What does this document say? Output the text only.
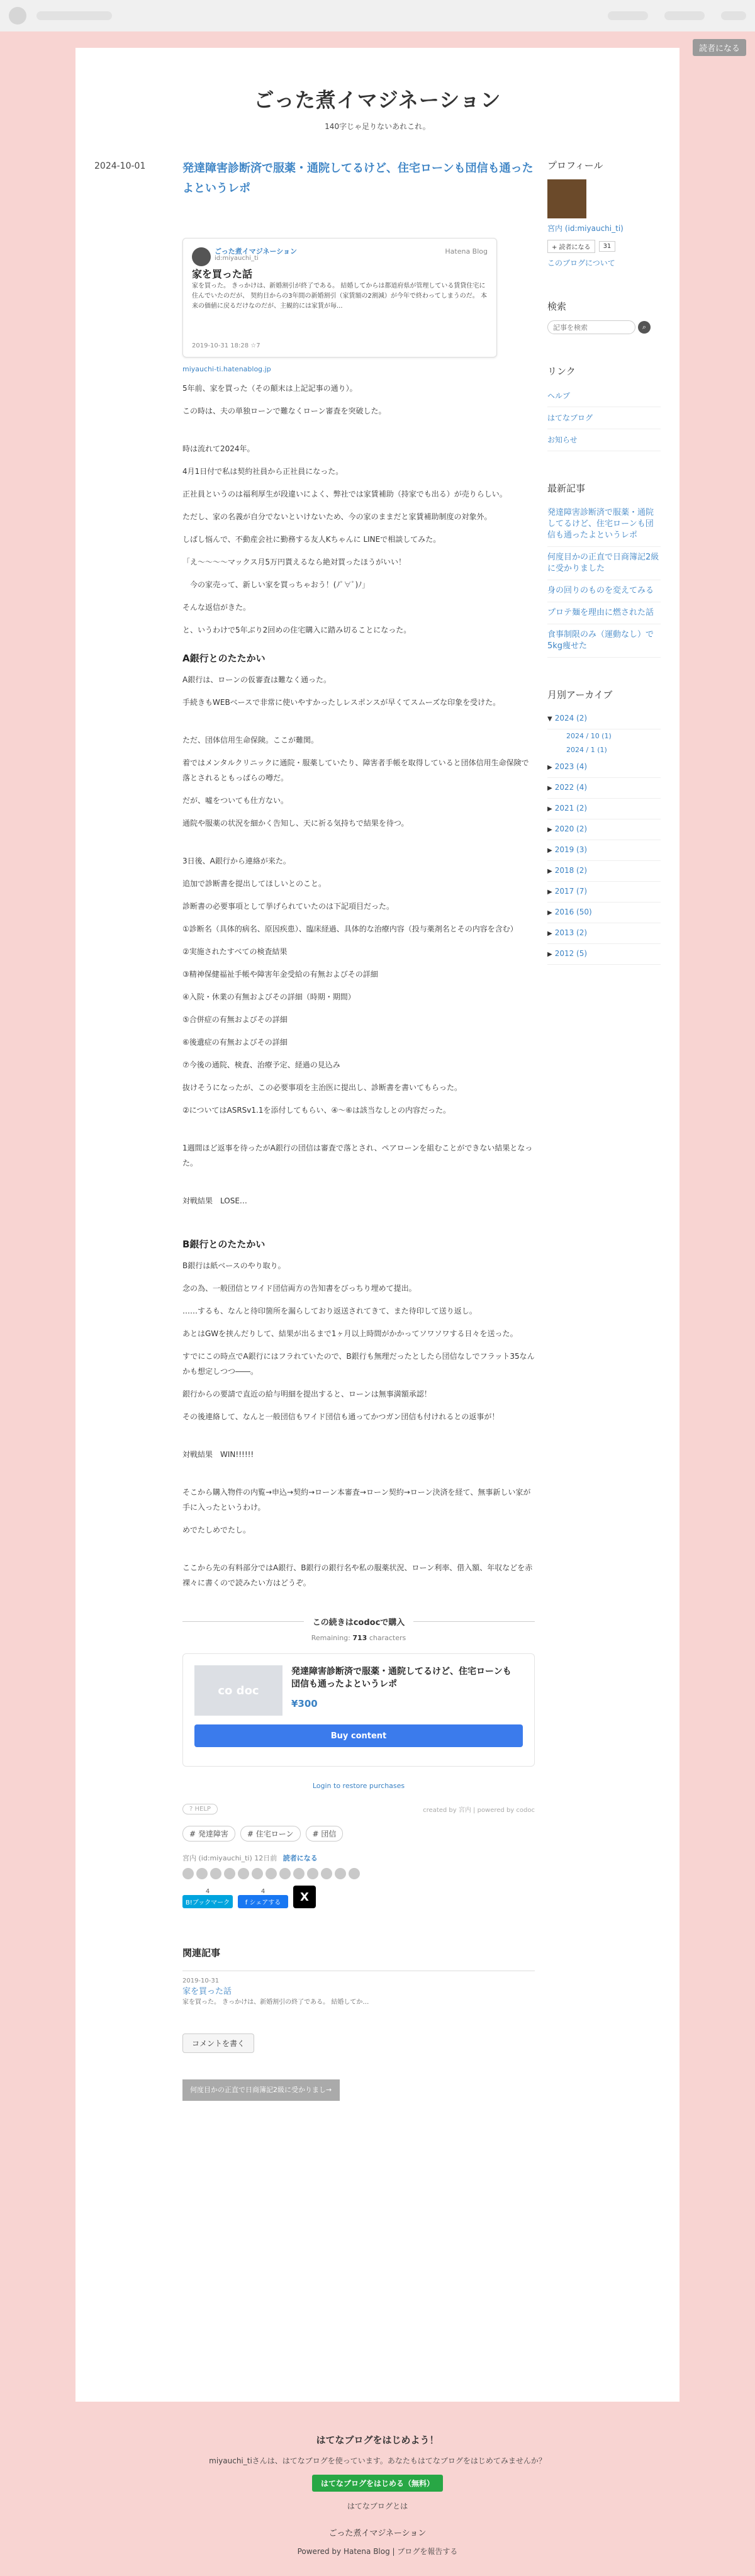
読者になる
ごった煮イマジネーション
140字じゃ足りないあれこれ。
2024-10-01	発達障害診断済で服薬・通院してるけど、住宅ローンも団信も通ったよというレポ
ごった煮イマジネーション
id:miyauchi_ti
Hatena Blog
家を買った話
家を買った。 きっかけは、新婚割引が終了である。 結婚してからは都道府県が管理している賃貸住宅に住んでいたのだが、 契約日からの3年間の新婚割引（家賃額の2割減）が今年で終わってしまうのだ。 本来の価値に戻るだけなのだが、主観的には家賃が毎...
2019-10-31 18:28 ☆7
miyauchi-ti.hatenablog.jp

5年前、家を買った（その顛末は上記記事の通り）。

この時は、夫の単独ローンで難なくローン審査を突破した。

時は流れて2024年。

4月1日付で私は契約社員から正社員になった。

正社員というのは福利厚生が段違いによく、弊社では家賃補助（持家でも出る）が売りらしい。

ただし、家の名義が自分でないといけないため、今の家のままだと家賃補助制度の対象外。

しばし悩んで、不動産会社に勤務する友人Kちゃんに LINEで相談してみた。

「え〜〜〜〜マックス月5万円貰えるなら絶対買ったほうがいい！

　今の家売って、新しい家を買っちゃおう！(ﾉﾟ∀ﾟ)ﾉ」

そんな返信がきた。

と、いうわけで5年ぶり2回めの住宅購入に踏み切ることになった。

A銀行とのたたかい

A銀行は、ローンの仮審査は難なく通った。

手続きもWEBベースで非常に使いやすかったしレスポンスが早くてスムーズな印象を受けた。

ただ、団体信用生命保険。ここが難関。

着ではメンタルクリニックに通院・服薬していたり、障害者手帳を取得していると団体信用生命保険で落とされるともっぱらの噂だ。

だが、噓をついても仕方ない。

通院や服薬の状況を細かく告知し、天に祈る気持ちで結果を待つ。

3日後、A銀行から連絡が来た。

追加で診断書を提出してほしいとのこと。

診断書の必要事項として挙げられていたのは下記項目だった。

①診断名（具体的病名、原因疾患）、臨床経過、具体的な治療内容（投与薬剤名とその内容を含む）

②実施されたすべての検査結果

③精神保健福祉手帳や障害年金受給の有無およびその詳細

④入院・休業の有無およびその詳細（時期・期間）

⑤合併症の有無およびその詳細

⑥後遺症の有無およびその詳細

⑦今後の通院、検査、治療予定、経過の見込み

抜けそうになったが、この必要事項を主治医に提出し、診断書を書いてもらった。

②についてはASRSv1.1を添付してもらい、④〜⑥は該当なしとの内容だった。

1週間ほど返事を待ったがA銀行の団信は審査で落とされ、ペアローンを組むことができない結果となった。

対戦結果　LOSE…

B銀行とのたたかい

B銀行は紙ベースのやり取り。

念の為、一般団信とワイド団信両方の告知書をびっちり埋めて提出。

……するも、なんと待印箇所を漏らしており返送されてきて、また待印して送り返し。

あとはGWを挟んだりして、結果が出るまで1ヶ月以上時間がかかってソワソワする日々を送った。

すでにこの時点でA銀行にはフラれていたので、B銀行も無理だったとしたら団信なしでフラット35なんかも想定しつつ――。

銀行からの要請で直近の給与明細を提出すると、ローンは無事満額承認！

その後連絡して、なんと一般団信もワイド団信も通ってかつガン団信も付けれるとの返事が！

対戦結果　WIN!!!!!!

そこから購入物件の内覧→申込→契約→ローン本審査→ローン契約→ローン決済を経て、無事新しい家が手に入ったというわけ。

めでたしめでたし。

ここから先の有料部分ではA銀行、B銀行の銀行名や私の服薬状況、ローン利率、借入額、年収などを赤裸々に書くので読みたい方はどうぞ。

この続きはcodocで購入
Remaining: 713 characters
co doc
発達障害診断済で服薬・通院してるけど、住宅ローンも団信も通ったよというレポ
¥300
Buy content
Login to restore purchases
? HELP	created by 宮内 | powered by codoc
# 発達障害	# 住宅ローン	# 団信
宮内 (id:miyauchi_ti) 12日前 読者になる
4
B!ブックマーク
4
f シェアする	X
関連記事
2019-10-31
家を買った話
家を買った。 きっかけは、新婚割引の終了である。 結婚してか…
コメントを書く
何度目かの正直で日商簿記2級に受かりまし→
プロフィール
宮内 (id:miyauchi_ti)
+ 読者になる	31
このブログについて
検索
記事を検索
⌕
リンク
ヘルプ
はてなブログ
お知らせ
最新記事
発達障害診断済で服薬・通院してるけど、住宅ローンも団信も通ったよというレポ
何度目かの正直で日商簿記2級に受かりました
身の回りのものを変えてみる
プロテ麺を理由に燃された話
食事制限のみ（運動なし）で5kg痩せた
月別アーカイブ
▼ 2024 (2)
2024 / 10 (1)
2024 / 1 (1)
▶ 2023 (4)
▶ 2022 (4)
▶ 2021 (2)
▶ 2020 (2)
▶ 2019 (3)
▶ 2018 (2)
▶ 2017 (7)
▶ 2016 (50)
▶ 2013 (2)
▶ 2012 (5)
はてなブログをはじめよう！
miyauchi_tiさんは、はてなブログを使っています。あなたもはてなブログをはじめてみませんか？
はてなブログをはじめる（無料）
はてなブログとは
ごった煮イマジネーション
Powered by Hatena Blog | ブログを報告する
